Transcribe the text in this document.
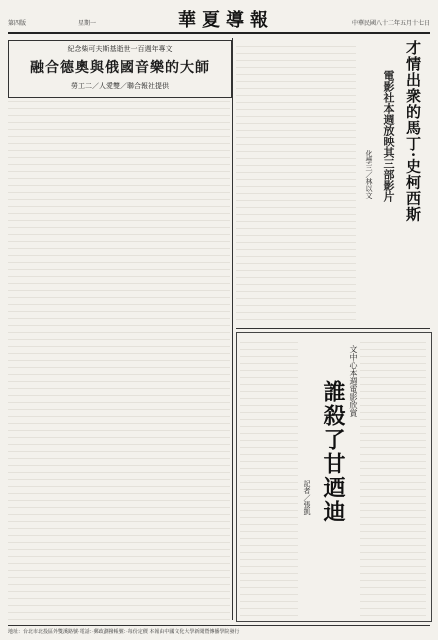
第四版	星期一	華夏導報	中華民國八十二年五月十七日
紀念柴可夫斯基逝世一百週年專文
融合德奧與俄國音樂的大師
勞工二／人愛雙／聯合報社提供	才情出衆的馬丁·史柯西斯
電影社本週放映其三部影片
化學三／林以文
誰殺了甘迺迪 文中心本週電影欣賞
記者／張凱
地址：台北市北投區外雙溪路號·電話：·郵政劃撥帳號：·每份定價 本報由中國文化大學新聞暨傳播學院發行
